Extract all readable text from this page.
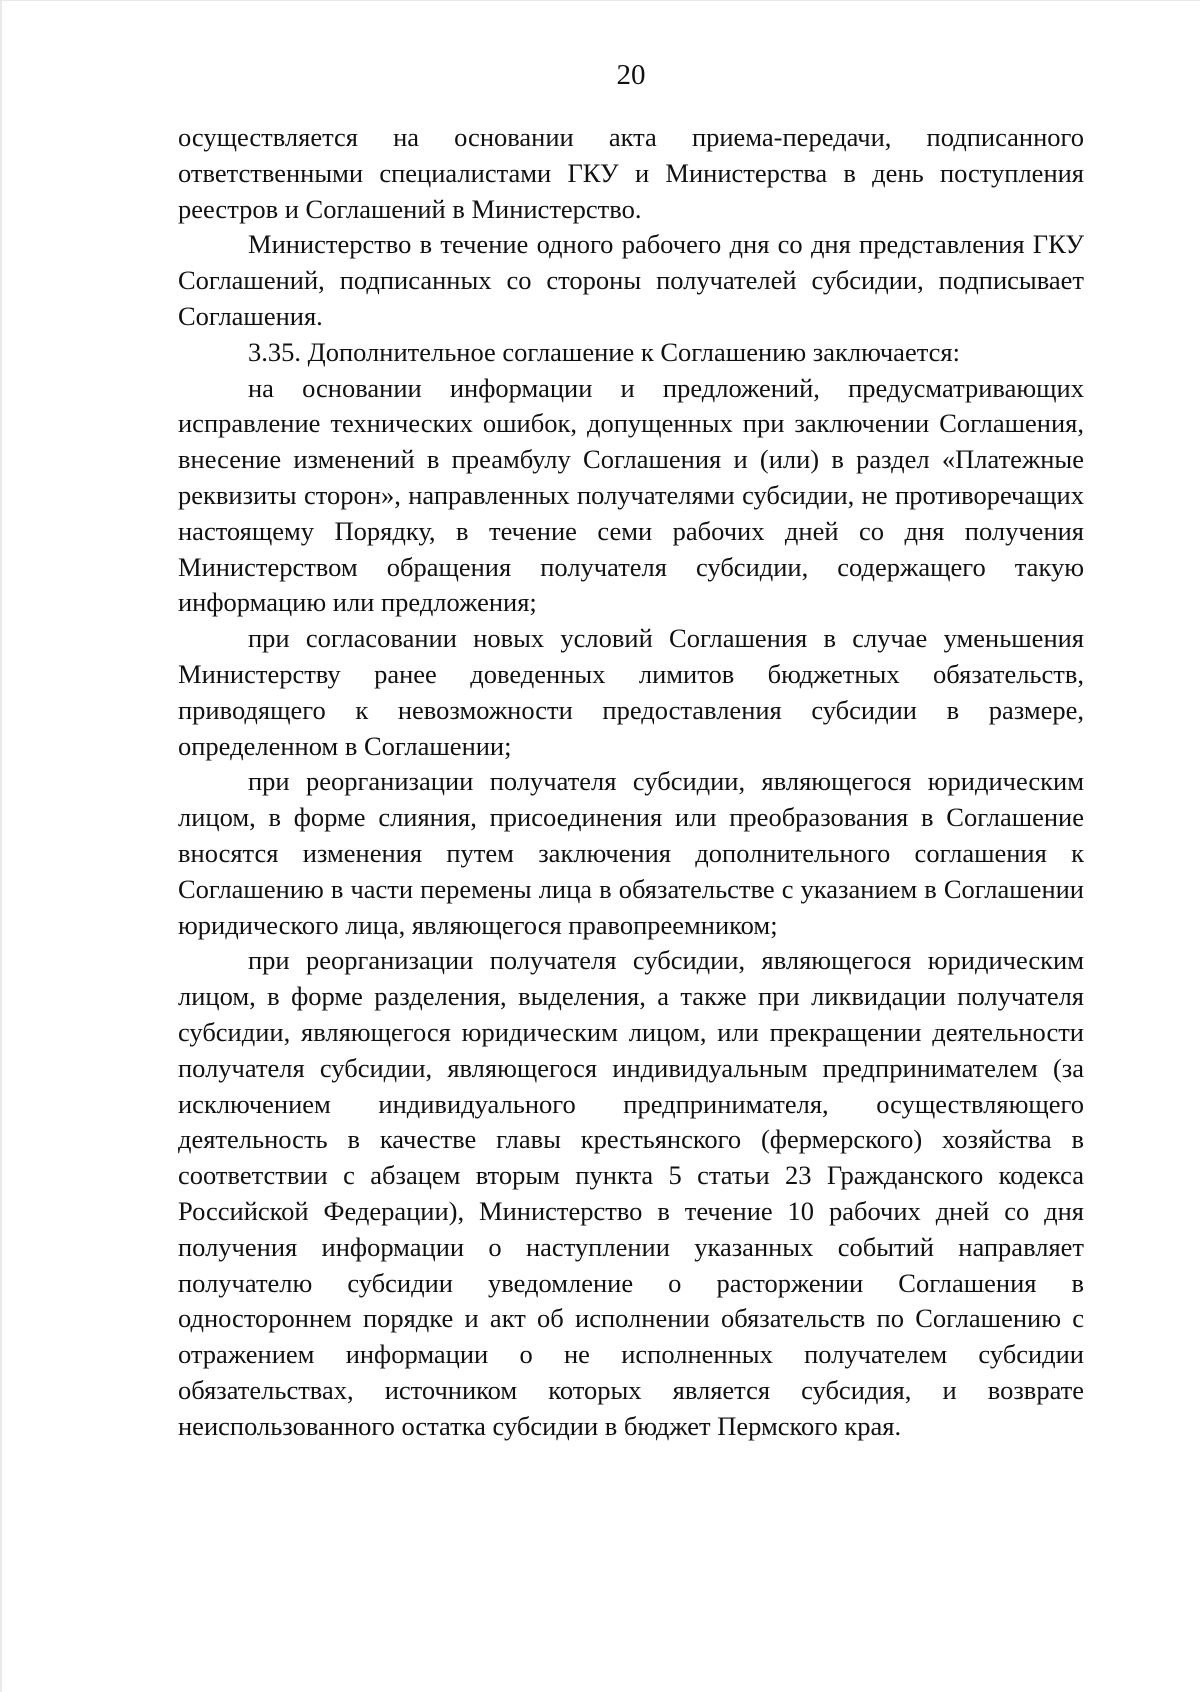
20

осуществляется на основании акта приема-передачи, подписанного ответственными специалистами ГКУ и Министерства в день поступления реестров и Соглашений в Министерство.

Министерство в течение одного рабочего дня со дня представления ГКУ Соглашений, подписанных со стороны получателей субсидии, подписывает Соглашения.

3.35. Дополнительное соглашение к Соглашению заключается:

на основании информации и предложений, предусматривающих исправление технических ошибок, допущенных при заключении Соглашения, внесение изменений в преамбулу Соглашения и (или) в раздел «Платежные реквизиты сторон», направленных получателями субсидии, не противоречащих настоящему Порядку, в течение семи рабочих дней со дня получения Министерством обращения получателя субсидии, содержащего такую информацию или предложения;

при согласовании новых условий Соглашения в случае уменьшения Министерству ранее доведенных лимитов бюджетных обязательств, приводящего к невозможности предоставления субсидии в размере, определенном в Соглашении;

при реорганизации получателя субсидии, являющегося юридическим лицом, в форме слияния, присоединения или преобразования в Соглашение вносятся изменения путем заключения дополнительного соглашения к Соглашению в части перемены лица в обязательстве с указанием в Соглашении юридического лица, являющегося правопреемником;

при реорганизации получателя субсидии, являющегося юридическим лицом, в форме разделения, выделения, а также при ликвидации получателя субсидии, являющегося юридическим лицом, или прекращении деятельности получателя субсидии, являющегося индивидуальным предпринимателем (за исключением индивидуального предпринимателя, осуществляющего деятельность в качестве главы крестьянского (фермерского) хозяйства в соответствии с абзацем вторым пункта 5 статьи 23 Гражданского кодекса Российской Федерации), Министерство в течение 10 рабочих дней со дня получения информации о наступлении указанных событий направляет получателю субсидии уведомление о расторжении Соглашения в одностороннем порядке и акт об исполнении обязательств по Соглашению с отражением информации о не исполненных получателем субсидии обязательствах, источником которых является субсидия, и возврате неиспользованного остатка субсидии в бюджет Пермского края.
